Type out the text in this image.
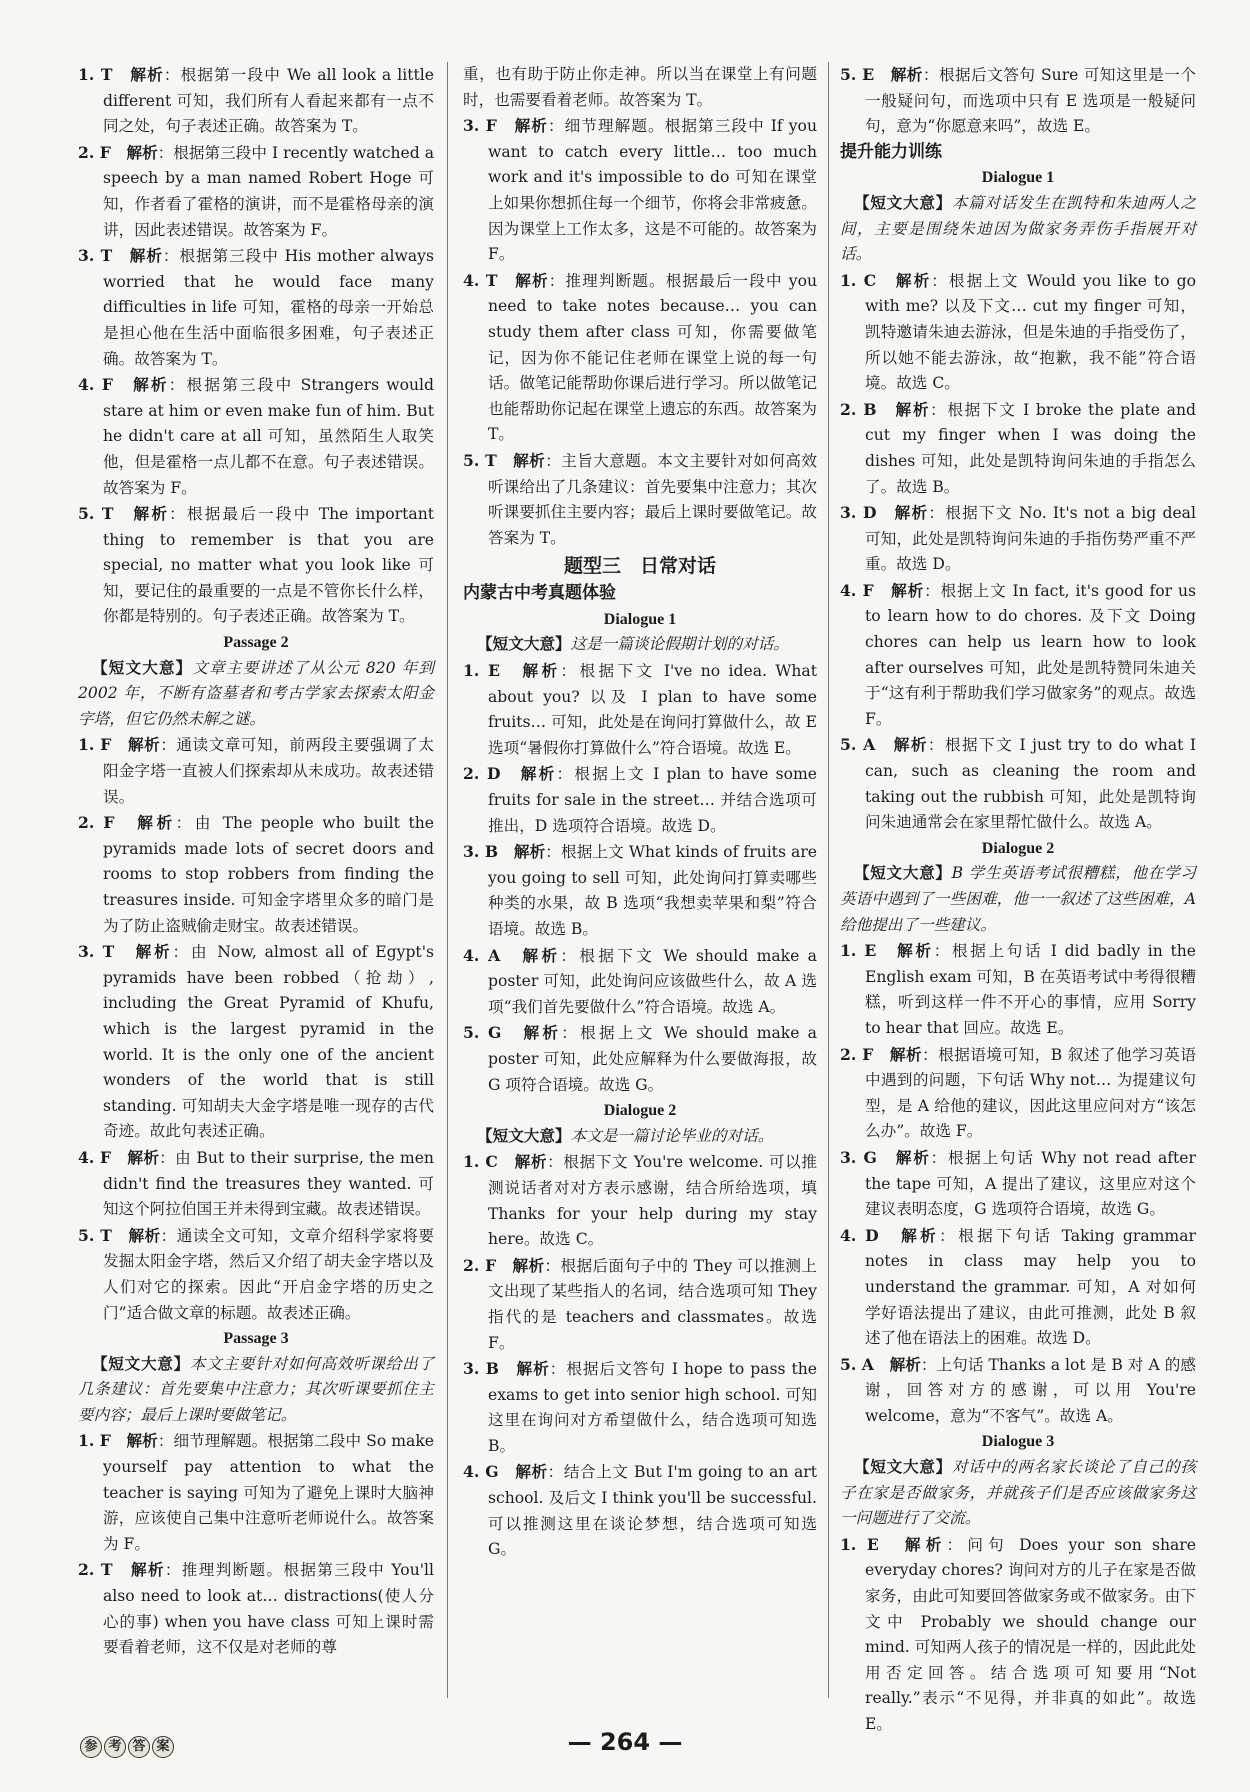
1. T　 解析：根据第一段中 We all look a little different 可知，我们所有人看起来都有一点不同之处，句子表述正确。故答案为 T。

2. F　 解析：根据第三段中 I recently watched a speech by a man named Robert Hoge 可知，作者看了霍格的演讲，而不是霍格母亲的演讲，因此表述错误。故答案为 F。

3. T　 解析：根据第三段中 His mother always worried that he would face many difficulties in life 可知，霍格的母亲一开始总是担心他在生活中面临很多困难，句子表述正确。故答案为 T。

4. F　 解析：根据第三段中 Strangers would stare at him or even make fun of him. But he didn't care at all 可知，虽然陌生人取笑他，但是霍格一点儿都不在意。句子表述错误。故答案为 F。

5. T　 解析：根据最后一段中 The important thing to remember is that you are special, no matter what you look like 可知，要记住的最重要的一点是不管你长什么样，你都是特别的。句子表述正确。故答案为 T。

Passage 2

【短文大意】文章主要讲述了从公元 820 年到 2002 年，不断有盗墓者和考古学家去探索太阳金字塔，但它仍然未解之谜。

1. F　 解析：通读文章可知，前两段主要强调了太阳金字塔一直被人们探索却从未成功。故表述错误。

2. F　 解析：由 The people who built the pyramids made lots of secret doors and rooms to stop robbers from finding the treasures inside. 可知金字塔里众多的暗门是为了防止盗贼偷走财宝。故表述错误。

3. T　 解析：由 Now, almost all of Egypt's pyramids have been robbed（抢劫）, including the Great Pyramid of Khufu, which is the largest pyramid in the world. It is the only one of the ancient wonders of the world that is still standing. 可知胡夫大金字塔是唯一现存的古代奇迹。故此句表述正确。

4. F　 解析：由 But to their surprise, the men didn't find the treasures they wanted. 可知这个阿拉伯国王并未得到宝藏。故表述错误。

5. T　 解析：通读全文可知，文章介绍科学家将要发掘太阳金字塔，然后又介绍了胡夫金字塔以及人们对它的探索。因此“开启金字塔的历史之门”适合做文章的标题。故表述正确。

Passage 3

【短文大意】本文主要针对如何高效听课给出了几条建议：首先要集中注意力；其次听课要抓住主要内容；最后上课时要做笔记。

1. F　 解析：细节理解题。根据第二段中 So make yourself pay attention to what the teacher is saying 可知为了避免上课时大脑神游，应该使自己集中注意听老师说什么。故答案为 F。

2. T　 解析：推理判断题。根据第三段中 You'll also need to look at… distractions(使人分心的事) when you have class 可知上课时需要看着老师，这不仅是对老师的尊

重，也有助于防止你走神。所以当在课堂上有问题时，也需要看着老师。故答案为 T。

3. F　 解析：细节理解题。根据第三段中 If you want to catch every little… too much work and it's impossible to do 可知在课堂上如果你想抓住每一个细节，你将会非常疲惫。因为课堂上工作太多，这是不可能的。故答案为 F。

4. T　 解析：推理判断题。根据最后一段中 you need to take notes because… you can study them after class 可知，你需要做笔记，因为你不能记住老师在课堂上说的每一句话。做笔记能帮助你课后进行学习。所以做笔记也能帮助你记起在课堂上遗忘的东西。故答案为 T。

5. T　 解析：主旨大意题。本文主要针对如何高效听课给出了几条建议：首先要集中注意力；其次听课要抓住主要内容；最后上课时要做笔记。故答案为 T。

题型三　日常对话

内蒙古中考真题体验

Dialogue 1

【短文大意】这是一篇谈论假期计划的对话。

1. E　 解析：根据下文 I've no idea. What about you? 以及 I plan to have some fruits… 可知，此处是在询问打算做什么，故 E 选项“暑假你打算做什么”符合语境。故选 E。

2. D　 解析：根据上文 I plan to have some fruits for sale in the street… 并结合选项可推出，D 选项符合语境。故选 D。

3. B　 解析：根据上文 What kinds of fruits are you going to sell 可知，此处询问打算卖哪些种类的水果，故 B 选项“我想卖苹果和梨”符合语境。故选 B。

4. A　 解析：根据下文 We should make a poster 可知，此处询问应该做些什么，故 A 选项“我们首先要做什么”符合语境。故选 A。

5. G　 解析：根据上文 We should make a poster 可知，此处应解释为什么要做海报，故 G 项符合语境。故选 G。

Dialogue 2

【短文大意】本文是一篇讨论毕业的对话。

1. C　 解析：根据下文 You're welcome. 可以推测说话者对对方表示感谢，结合所给选项，填 Thanks for your help during my stay here。故选 C。

2. F　 解析：根据后面句子中的 They 可以推测上文出现了某些指人的名词，结合选项可知 They 指代的是 teachers and classmates。故选 F。

3. B　 解析：根据后文答句 I hope to pass the exams to get into senior high school. 可知这里在询问对方希望做什么，结合选项可知选 B。

4. G　 解析：结合上文 But I'm going to an art school. 及后文 I think you'll be successful. 可以推测这里在谈论梦想，结合选项可知选 G。

5. E　 解析：根据后文答句 Sure 可知这里是一个一般疑问句，而选项中只有 E 选项是一般疑问句，意为“你愿意来吗”，故选 E。

提升能力训练

Dialogue 1

【短文大意】本篇对话发生在凯特和朱迪两人之间，主要是围绕朱迪因为做家务弄伤手指展开对话。

1. C　 解析：根据上文 Would you like to go with me? 以及下文… cut my finger 可知，凯特邀请朱迪去游泳，但是朱迪的手指受伤了，所以她不能去游泳，故“抱歉，我不能”符合语境。故选 C。

2. B　 解析：根据下文 I broke the plate and cut my finger when I was doing the dishes 可知，此处是凯特询问朱迪的手指怎么了。故选 B。

3. D　 解析：根据下文 No. It's not a big deal 可知，此处是凯特询问朱迪的手指伤势严重不严重。故选 D。

4. F　 解析：根据上文 In fact, it's good for us to learn how to do chores. 及下文 Doing chores can help us learn how to look after ourselves 可知，此处是凯特赞同朱迪关于“这有利于帮助我们学习做家务”的观点。故选 F。

5. A　 解析：根据下文 I just try to do what I can, such as cleaning the room and taking out the rubbish 可知，此处是凯特询问朱迪通常会在家里帮忙做什么。故选 A。

Dialogue 2

【短文大意】B 学生英语考试很糟糕，他在学习英语中遇到了一些困难，他一一叙述了这些困难，A 给他提出了一些建议。

1. E　 解析：根据上句话 I did badly in the English exam 可知，B 在英语考试中考得很糟糕，听到这样一件不开心的事情，应用 Sorry to hear that 回应。故选 E。

2. F　 解析：根据语境可知，B 叙述了他学习英语中遇到的问题，下句话 Why not… 为提建议句型，是 A 给他的建议，因此这里应问对方“该怎么办”。故选 F。

3. G　 解析：根据上句话 Why not read after the tape 可知，A 提出了建议，这里应对这个建议表明态度，G 选项符合语境，故选 G。

4. D　 解析：根据下句话 Taking grammar notes in class may help you to understand the grammar. 可知，A 对如何学好语法提出了建议，由此可推测，此处 B 叙述了他在语法上的困难。故选 D。

5. A　 解析：上句话 Thanks a lot 是 B 对 A 的感谢，回答对方的感谢，可以用 You're welcome，意为“不客气”。故选 A。

Dialogue 3

【短文大意】对话中的两名家长谈论了自己的孩子在家是否做家务，并就孩子们是否应该做家务这一问题进行了交流。

1. E　 解析：问句 Does your son share everyday chores? 询问对方的儿子在家是否做家务，由此可知要回答做家务或不做家务。由下文中 Probably we should change our mind. 可知两人孩子的情况是一样的，因此此处用否定回答。结合选项可知要用“Not really.”表示“不见得，并非真的如此”。故选 E。

参 考 答 案	— 264 —
